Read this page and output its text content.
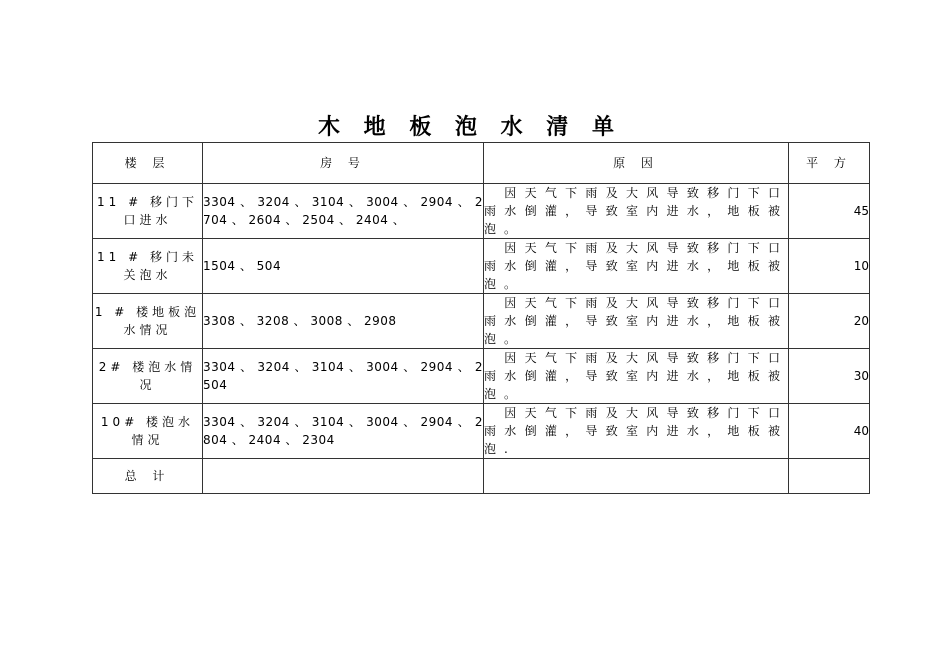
木 地 板 泡 水 清 单
楼 层	房 号	原 因	平 方
11 # 移门下口进水	3304 、 3204 、 3104 、 3004 、 2904 、 2704 、 2604 、 2504 、 2404 、	　因天气下雨及大风导致移门下口雨水倒灌，导致室内进水，地板被泡。	45
11 # 移门未关泡水	1504 、 504	　因天气下雨及大风导致移门下口雨水倒灌，导致室内进水，地板被泡。	10
1 # 楼地板泡水情况	3308 、 3208 、 3008 、 2908	　因天气下雨及大风导致移门下口雨水倒灌，导致室内进水，地板被泡。	20
2# 楼泡水情况	3304 、 3204 、 3104 、 3004 、 2904 、 2504	　因天气下雨及大风导致移门下口雨水倒灌，导致室内进水，地板被泡。	30
10# 楼泡水情况	3304 、 3204 、 3104 、 3004 、 2904 、 2804 、 2404 、 2304	　因天气下雨及大风导致移门下口雨水倒灌，导致室内进水，地板被泡.	40
总 计			
